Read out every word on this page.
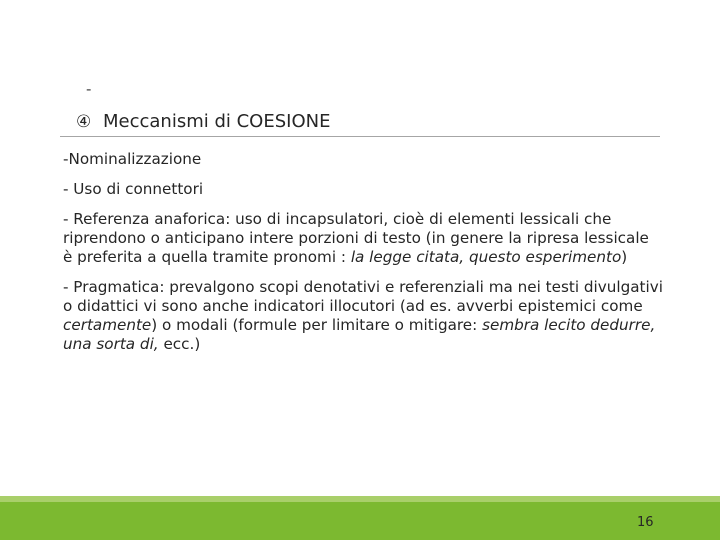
-
④ Meccanismi di COESIONE

-Nominalizzazione

- Uso di connettori

- Referenza anaforica: uso di incapsulatori, cioè di elementi lessicali che riprendono o anticipano intere porzioni di testo (in genere la ripresa lessicale è preferita a quella tramite pronomi : la legge citata, questo esperimento)

- Pragmatica: prevalgono scopi denotativi e referenziali ma nei testi divulgativi o didattici vi sono anche indicatori illocutori (ad es. avverbi epistemici come certamente) o modali (formule per limitare o mitigare: sembra lecito dedurre, una sorta di, ecc.)

16
